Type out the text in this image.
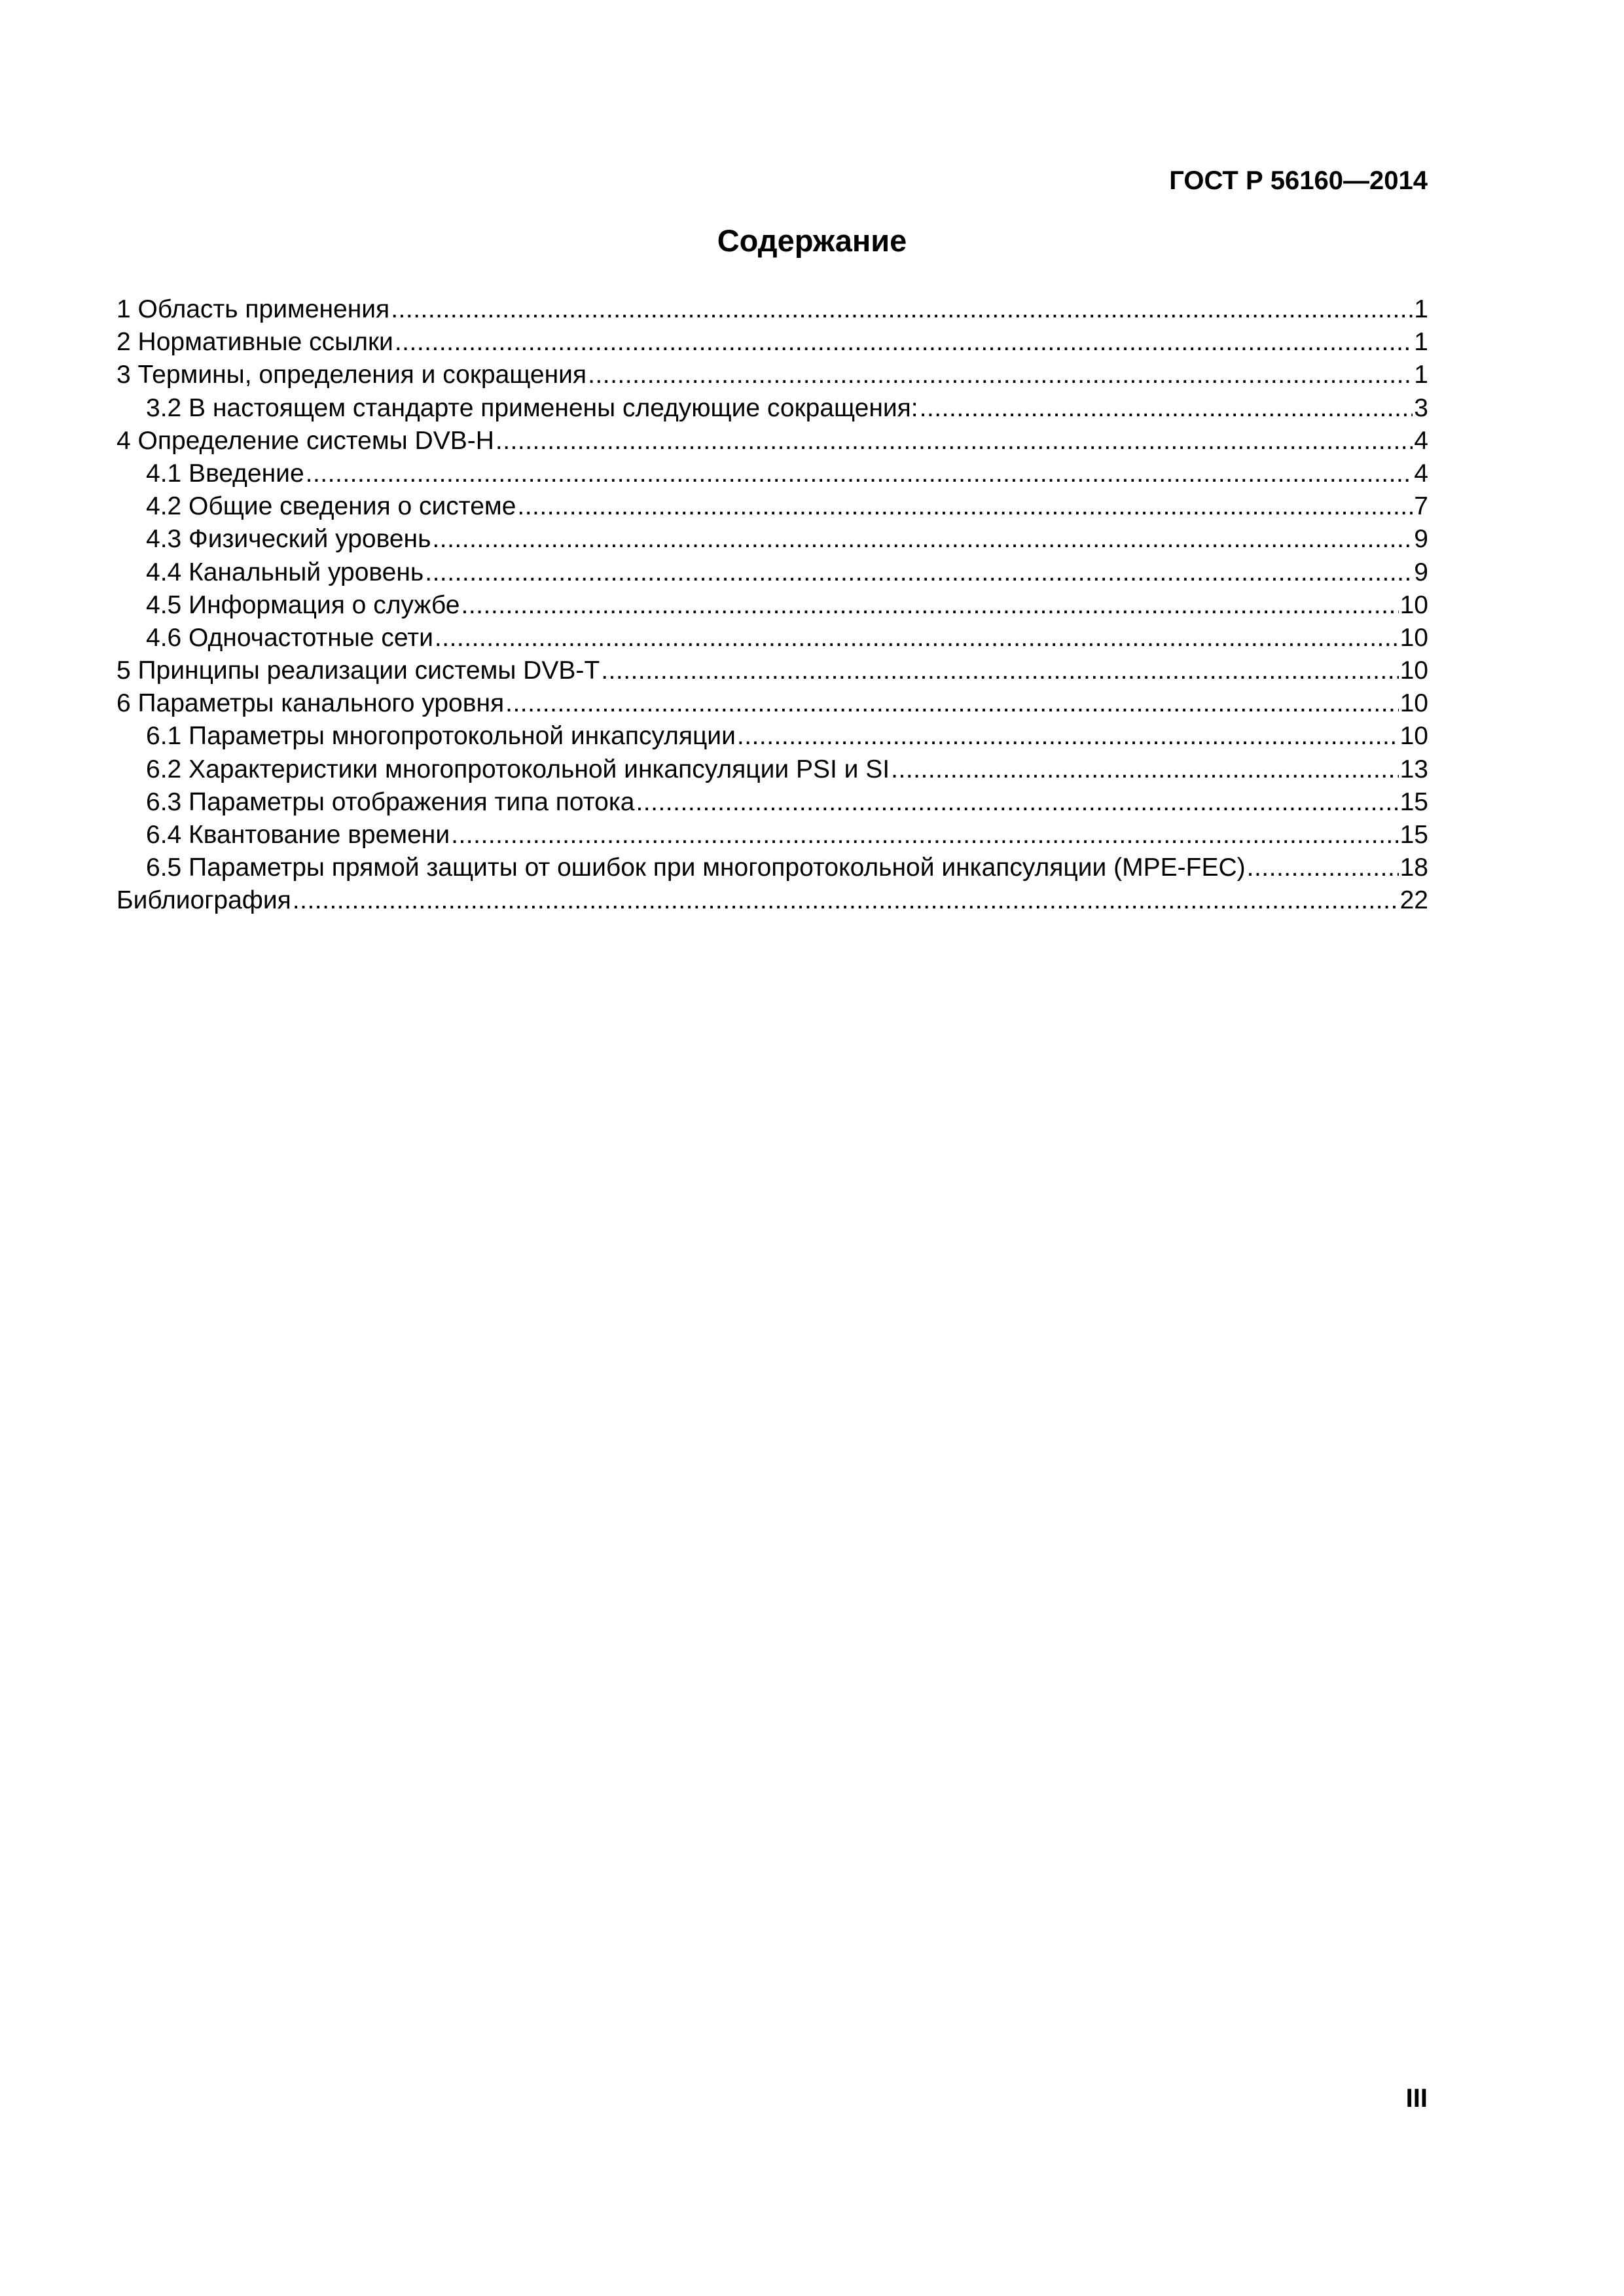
ГОСТ Р 56160—2014
Содержание
1 Область применения .....	1
2 Нормативные ссылки .....	1
3 Термины, определения и сокращения .....	1
3.2 В настоящем стандарте применены следующие сокращения: .....	3
4 Определение системы DVB-H .....	4
4.1 Введение .....	4
4.2 Общие сведения о системе .....	7
4.3 Физический уровень .....	9
4.4 Канальный уровень .....	9
4.5 Информация о службе .....	10
4.6 Одночастотные сети .....	10
5 Принципы реализации системы DVB-T .....	10
6 Параметры канального уровня .....	10
6.1 Параметры многопротокольной инкапсуляции .....	10
6.2 Характеристики многопротокольной инкапсуляции PSI и SI .....	13
6.3 Параметры отображения типа потока .....	15
6.4 Квантование времени .....	15
6.5 Параметры прямой защиты от ошибок при многопротокольной инкапсуляции (MPE-FEC) .....	18
Библиография .....	22
III
